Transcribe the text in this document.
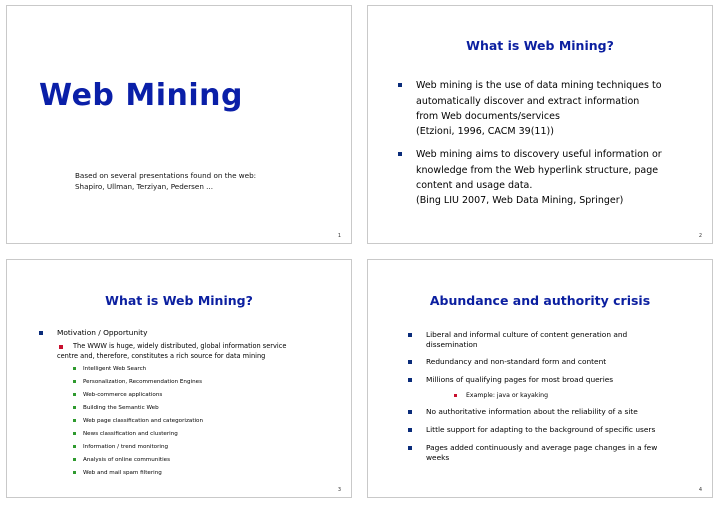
Web Mining
Based on several presentations found on the web:
Shapiro, Ullman, Terziyan, Pedersen ...
1
What is Web Mining?
Web mining is the use of data mining techniques to
automatically discover and extract information
from Web documents/services
(Etzioni, 1996, CACM 39(11))
Web mining aims to discovery useful information or
knowledge from the Web hyperlink structure, page
content and usage data.
(Bing LIU 2007, Web Data Mining, Springer)
2
What is Web Mining?
Motivation / Opportunity
The WWW is huge, widely distributed, global information service
centre and, therefore, constitutes a rich source for data mining
Intelligent Web Search
Personalization, Recommendation Engines
Web-commerce applications
Building the Semantic Web
Web page classification and categorization
News classification and clustering
Information / trend monitoring
Analysis of online communities
Web and mail spam filtering
3
Abundance and authority crisis
Liberal and informal culture of content generation and
dissemination
Redundancy and non-standard form and content
Millions of qualifying pages for most broad queries
Example: java or kayaking
No authoritative information about the reliability of a site
Little support for adapting to the background of specific users
Pages added continuously and average page changes in a few
weeks
4
